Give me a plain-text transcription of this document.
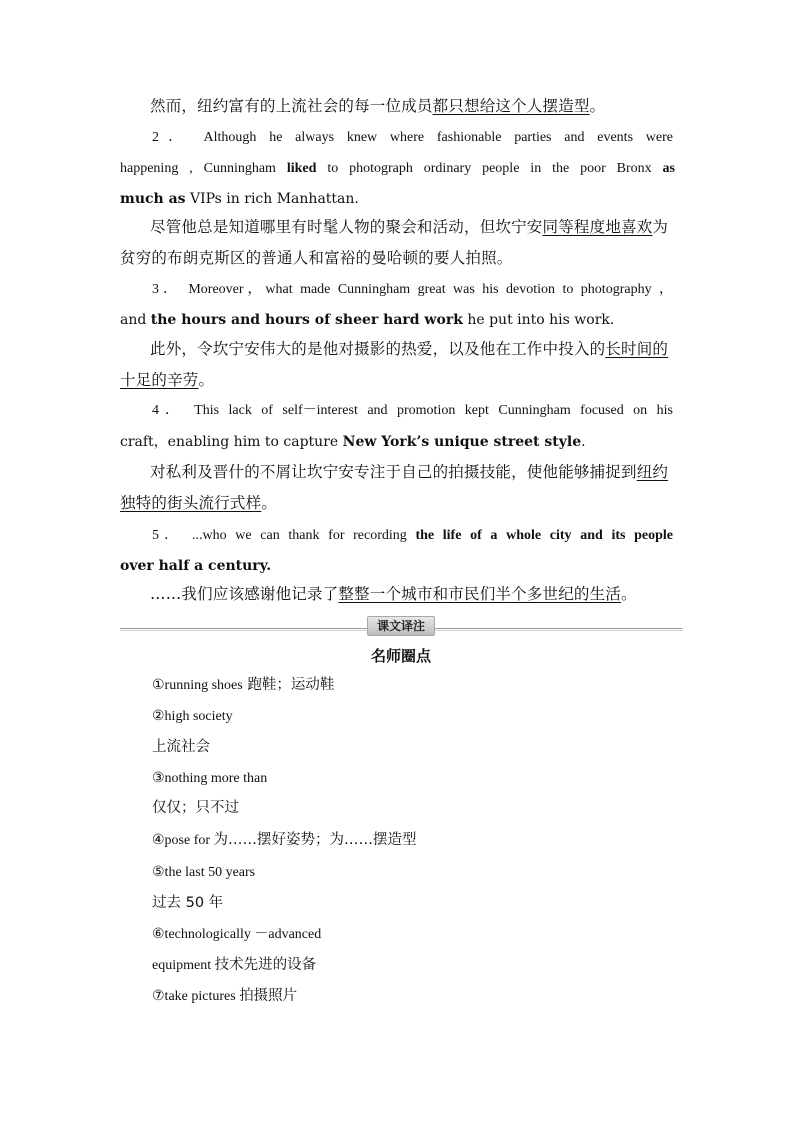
然而，纽约富有的上流社会的每一位成员都只想给这个人摆造型。
2． Although he always knew where fashionable parties and events were
happening , Cunningham liked to photograph ordinary people in the poor Bronx as
much as VIPs in rich Manhattan.
尽管他总是知道哪里有时髦人物的聚会和活动，但坎宁安同等程度地喜欢为
贫穷的布朗克斯区的普通人和富裕的曼哈顿的要人拍照。
3． Moreover，what made Cunningham great was his devotion to photography ，
and the hours and hours of sheer hard work he put into his work.
此外，令坎宁安伟大的是他对摄影的热爱，以及他在工作中投入的长时间的
十足的辛劳。
4． This lack of self－interest and promotion kept Cunningham focused on his
craft，enabling him to capture New York’s unique street style.
对私利及晋什的不屑让坎宁安专注于自己的拍摄技能，使他能够捕捉到纽约
独特的街头流行式样。
5． ...who we can thank for recording the life of a whole city and its people
over half a century.
……我们应该感谢他记录了整整一个城市和市民们半个多世纪的生活。
课文译注
名师圈点
①running shoes 跑鞋；运动鞋
②high society
上流社会
③nothing more than
仅仅；只不过
④pose for 为……摆好姿势；为……摆造型
⑤the last 50 years
过去 50 年
⑥technologically －advanced
equipment 技术先进的设备
⑦take pictures 拍摄照片
